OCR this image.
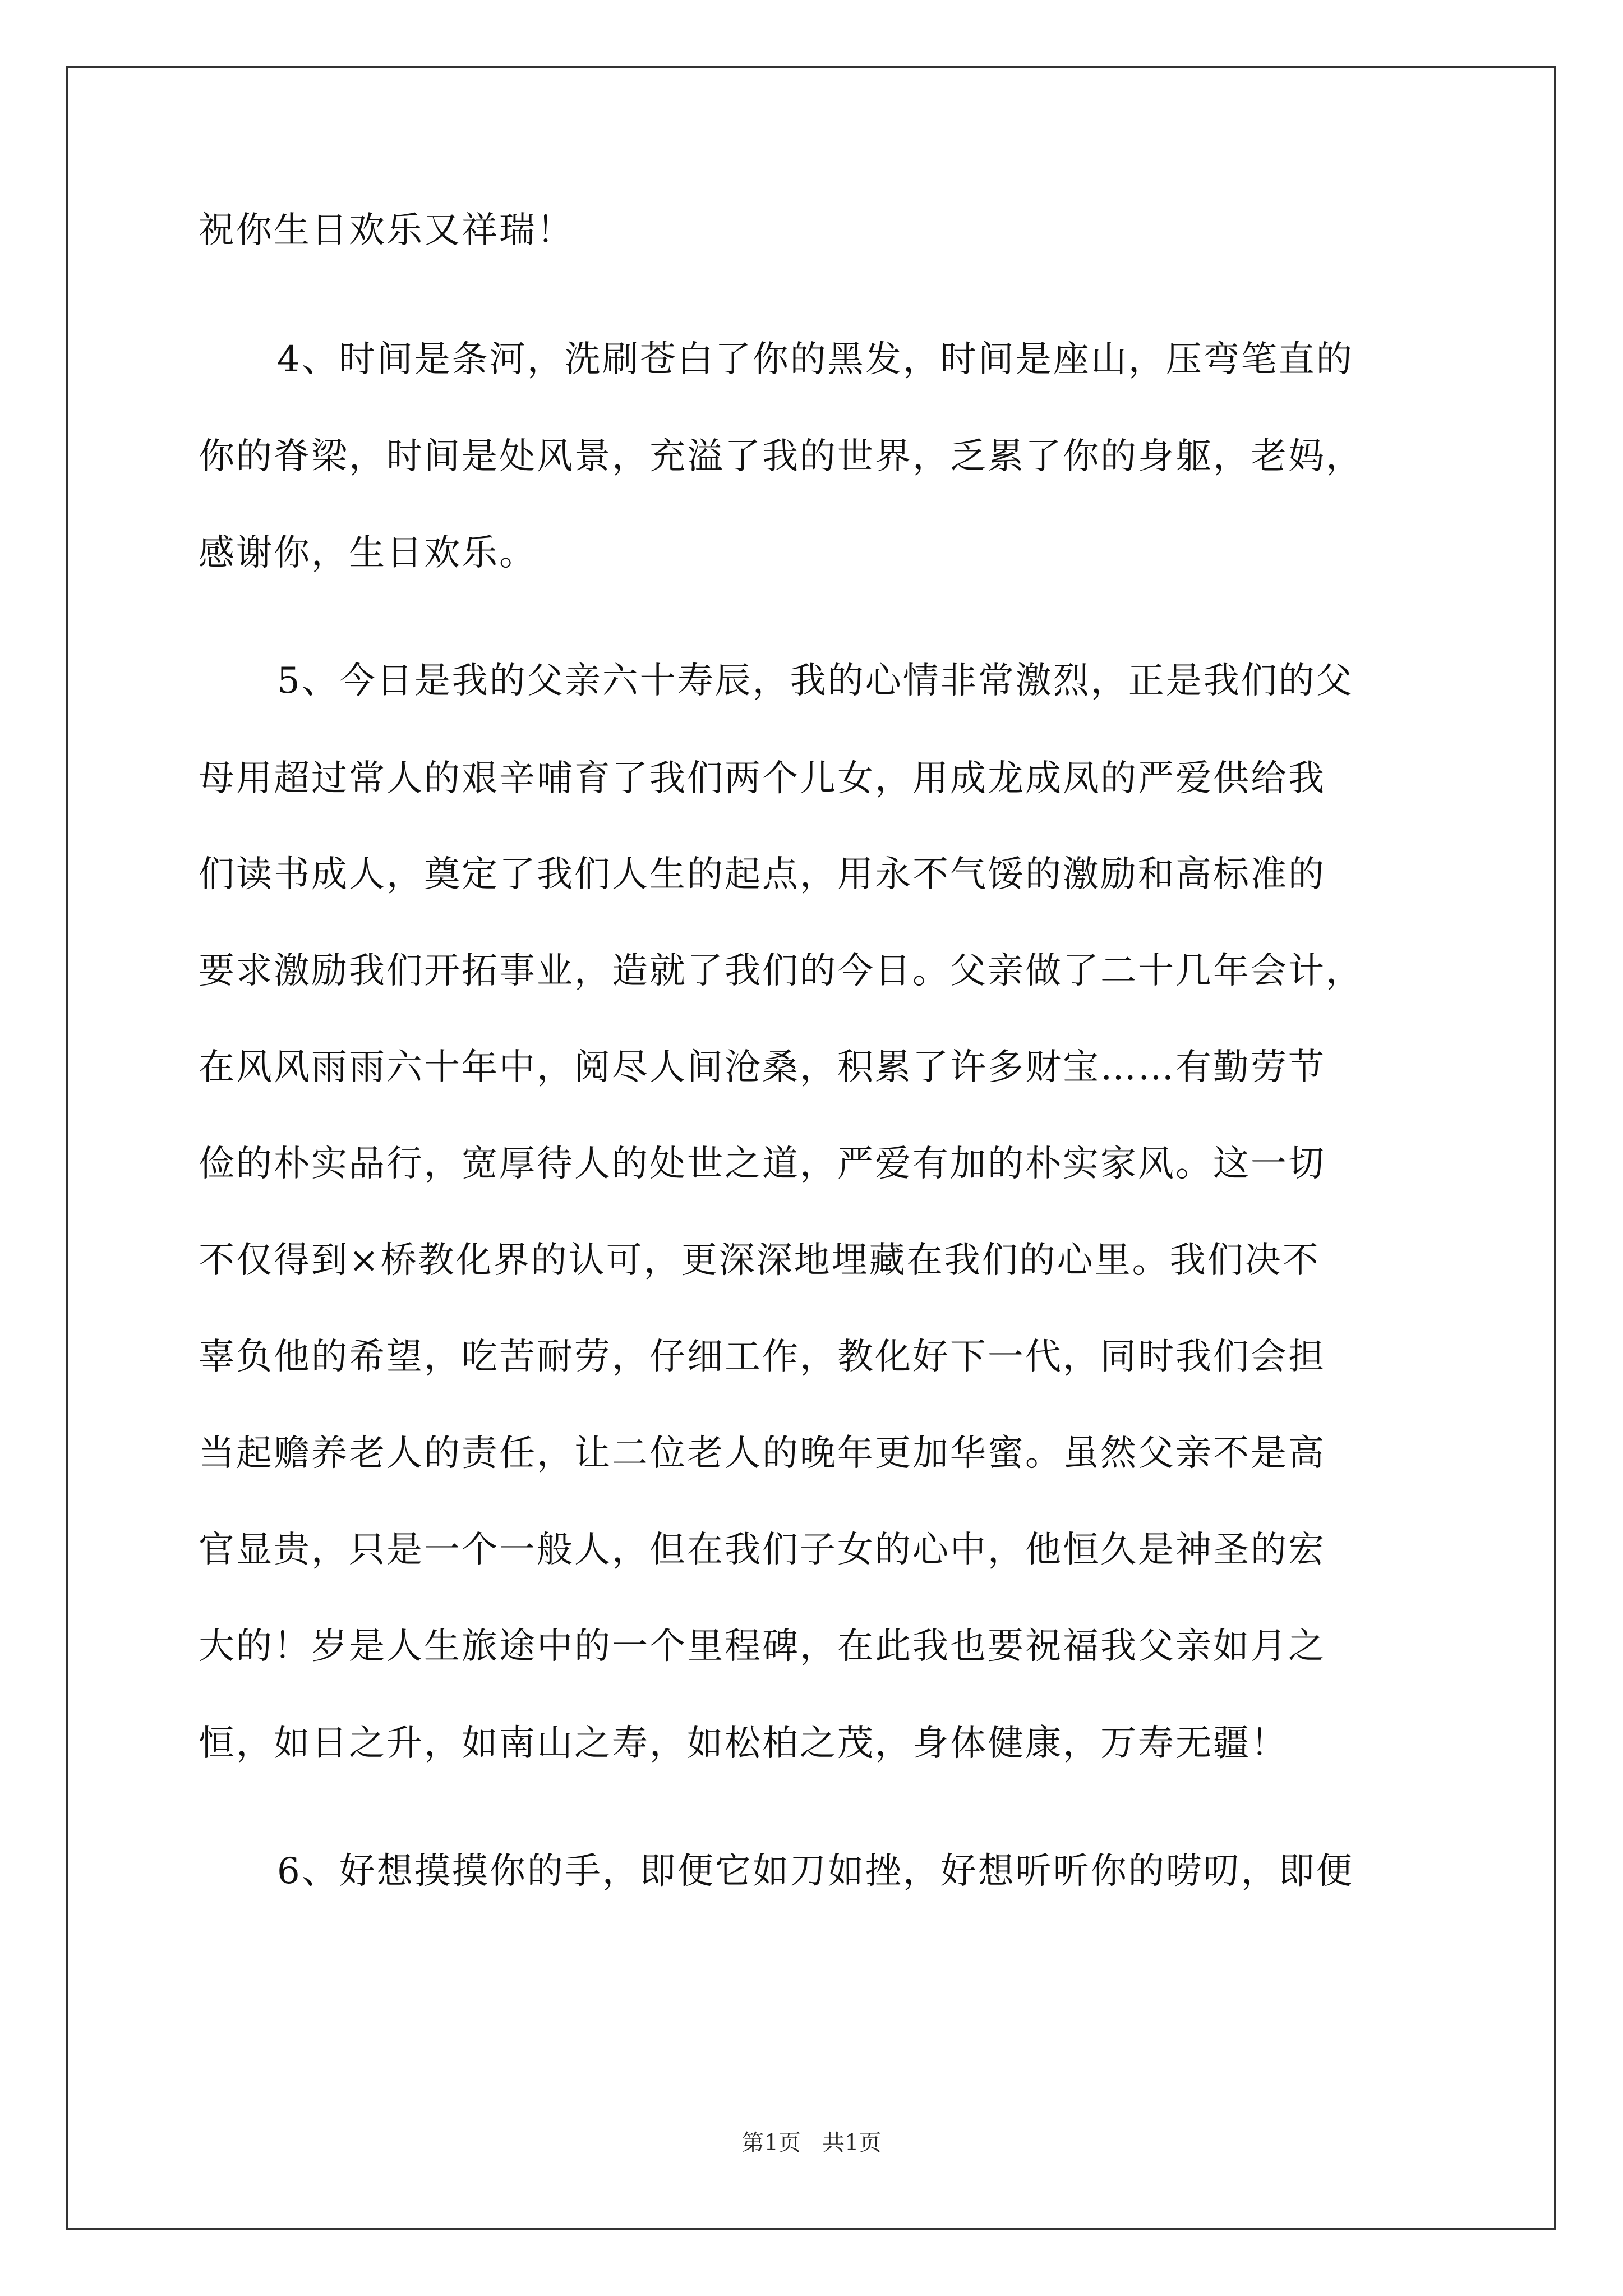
祝你生日欢乐又祥瑞！
4、时间是条河，洗刷苍白了你的黑发，时间是座山，压弯笔直的
你的脊梁，时间是处风景，充溢了我的世界，乏累了你的身躯，老妈，
感谢你，生日欢乐。
5、今日是我的父亲六十寿辰，我的心情非常激烈，正是我们的父
母用超过常人的艰辛哺育了我们两个儿女，用成龙成凤的严爱供给我
们读书成人，奠定了我们人生的起点，用永不气馁的激励和高标准的
要求激励我们开拓事业，造就了我们的今日。父亲做了二十几年会计，
在风风雨雨六十年中，阅尽人间沧桑，积累了许多财宝……有勤劳节
俭的朴实品行，宽厚待人的处世之道，严爱有加的朴实家风。这一切
不仅得到×桥教化界的认可，更深深地埋藏在我们的心里。我们决不
辜负他的希望，吃苦耐劳，仔细工作，教化好下一代，同时我们会担
当起赡养老人的责任，让二位老人的晚年更加华蜜。虽然父亲不是高
官显贵，只是一个一般人，但在我们子女的心中，他恒久是神圣的宏
大的！岁是人生旅途中的一个里程碑，在此我也要祝福我父亲如月之
恒，如日之升，如南山之寿，如松柏之茂，身体健康，万寿无疆！
6、好想摸摸你的手，即便它如刀如挫，好想听听你的唠叨，即便
第1页   共1页
